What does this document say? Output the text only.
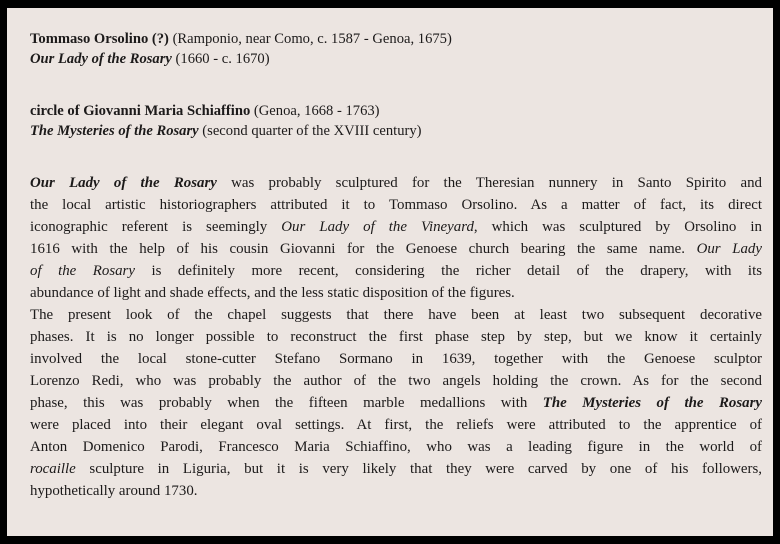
Tommaso Orsolino (?) (Ramponio, near Como, c. 1587 - Genoa, 1675)
Our Lady of the Rosary (1660 - c. 1670)
circle of Giovanni Maria Schiaffino (Genoa, 1668 - 1763)
The Mysteries of the Rosary (second quarter of the XVIII century)
Our Lady of the Rosary was probably sculptured for the Theresian nunnery in Santo Spirito and
the local artistic historiographers attributed it to Tommaso Orsolino. As a matter of fact, its direct
iconographic referent is seemingly Our Lady of the Vineyard, which was sculptured by Orsolino in
1616 with the help of his cousin Giovanni for the Genoese church bearing the same name. Our Lady
of the Rosary is definitely more recent, considering the richer detail of the drapery, with its
abundance of light and shade effects, and the less static disposition of the figures.
The present look of the chapel suggests that there have been at least two subsequent decorative
phases. It is no longer possible to reconstruct the first phase step by step, but we know it certainly
involved the local stone-cutter Stefano Sormano in 1639, together with the Genoese sculptor
Lorenzo Redi, who was probably the author of the two angels holding the crown. As for the second
phase, this was probably when the fifteen marble medallions with The Mysteries of the Rosary
were placed into their elegant oval settings. At first, the reliefs were attributed to the apprentice of
Anton Domenico Parodi, Francesco Maria Schiaffino, who was a leading figure in the world of
rocaille sculpture in Liguria, but it is very likely that they were carved by one of his followers,
hypothetically around 1730.
